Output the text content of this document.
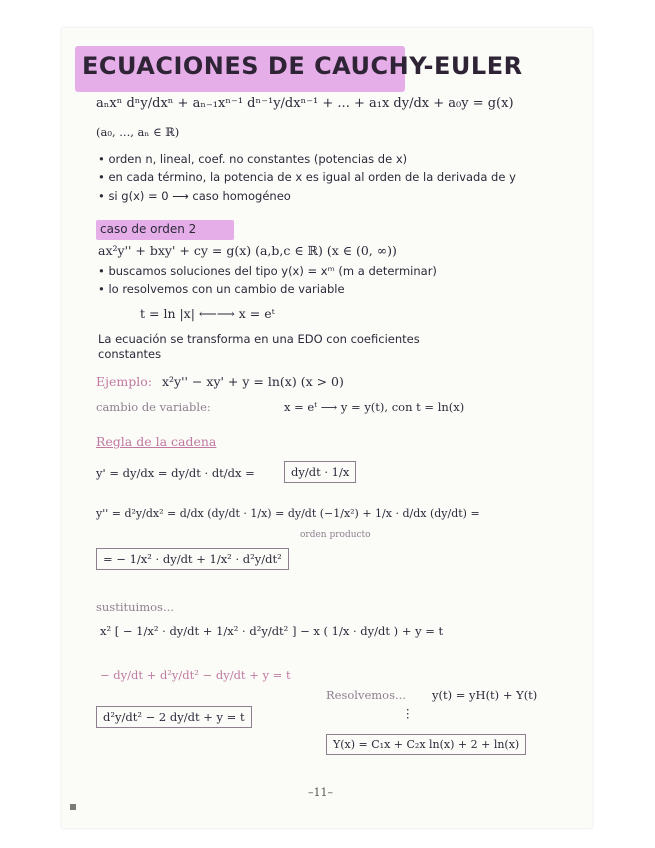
ECUACIONES DE CAUCHY-EULER
aₙxⁿ dⁿy/dxⁿ + aₙ₋₁xⁿ⁻¹ dⁿ⁻¹y/dxⁿ⁻¹ + ... + a₁x dy/dx + a₀y = g(x)
(a₀, ..., aₙ ∈ ℝ)
• orden n, lineal, coef. no constantes (potencias de x)
• en cada término, la potencia de x es igual al orden de la derivada de y
• si g(x) = 0 ⟶ caso homogéneo
caso de orden 2
ax²y'' + bxy' + cy = g(x) (a,b,c ∈ ℝ) (x ∈ (0, ∞))
• buscamos soluciones del tipo y(x) = xᵐ (m a determinar)
• lo resolvemos con un cambio de variable
t = ln |x| ⟵⟶ x = eᵗ
La ecuación se transforma en una EDO con coeficientes
constantes
Ejemplo: x²y'' − xy' + y = ln(x) (x > 0)
cambio de variable:	x = eᵗ ⟶ y = y(t), con t = ln(x)
Regla de la cadena
y' = dy/dx = dy/dt · dt/dx =	dy/dt · 1/x
y'' = d²y/dx² = d/dx (dy/dt · 1/x) = dy/dt (−1/x²) + 1/x · d/dx (dy/dt) =
orden producto
= − 1/x² · dy/dt + 1/x² · d²y/dt²
sustituimos...
x² [ − 1/x² · dy/dt + 1/x² · d²y/dt² ] − x ( 1/x · dy/dt ) + y = t
− dy/dt + d²y/dt² − dy/dt + y = t
d²y/dt² − 2 dy/dt + y = t
Resolvemos... y(t) = yH(t) + Y(t)
⋮
Y(x) = C₁x + C₂x ln(x) + 2 + ln(x)
–11–
